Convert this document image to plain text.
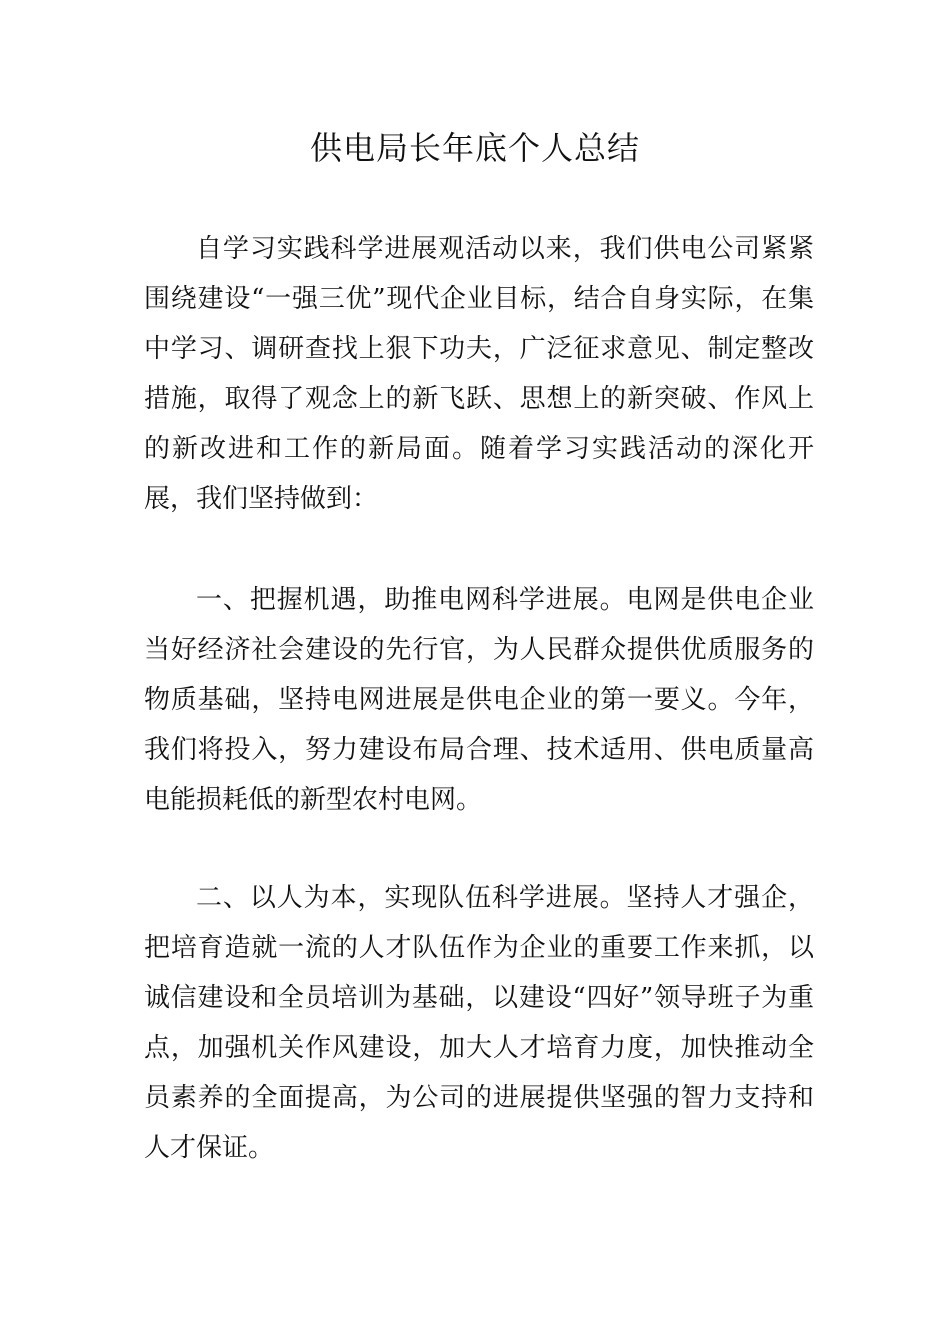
供电局长年底个人总结

自学习实践科学进展观活动以来，我们供电公司紧紧围绕建设“一强三优”现代企业目标，结合自身实际，在集中学习、调研查找上狠下功夫，广泛征求意见、制定整改措施，取得了观念上的新飞跃、思想上的新突破、作风上的新改进和工作的新局面。随着学习实践活动的深化开展，我们坚持做到：

一、把握机遇，助推电网科学进展。电网是供电企业当好经济社会建设的先行官，为人民群众提供优质服务的物质基础，坚持电网进展是供电企业的第一要义。今年，我们将投入，努力建设布局合理、技术适用、供电质量高电能损耗低的新型农村电网。

二、以人为本，实现队伍科学进展。坚持人才强企，把培育造就一流的人才队伍作为企业的重要工作来抓，以诚信建设和全员培训为基础，以建设“四好”领导班子为重点，加强机关作风建设，加大人才培育力度，加快推动全员素养的全面提高，为公司的进展提供坚强的智力支持和人才保证。
